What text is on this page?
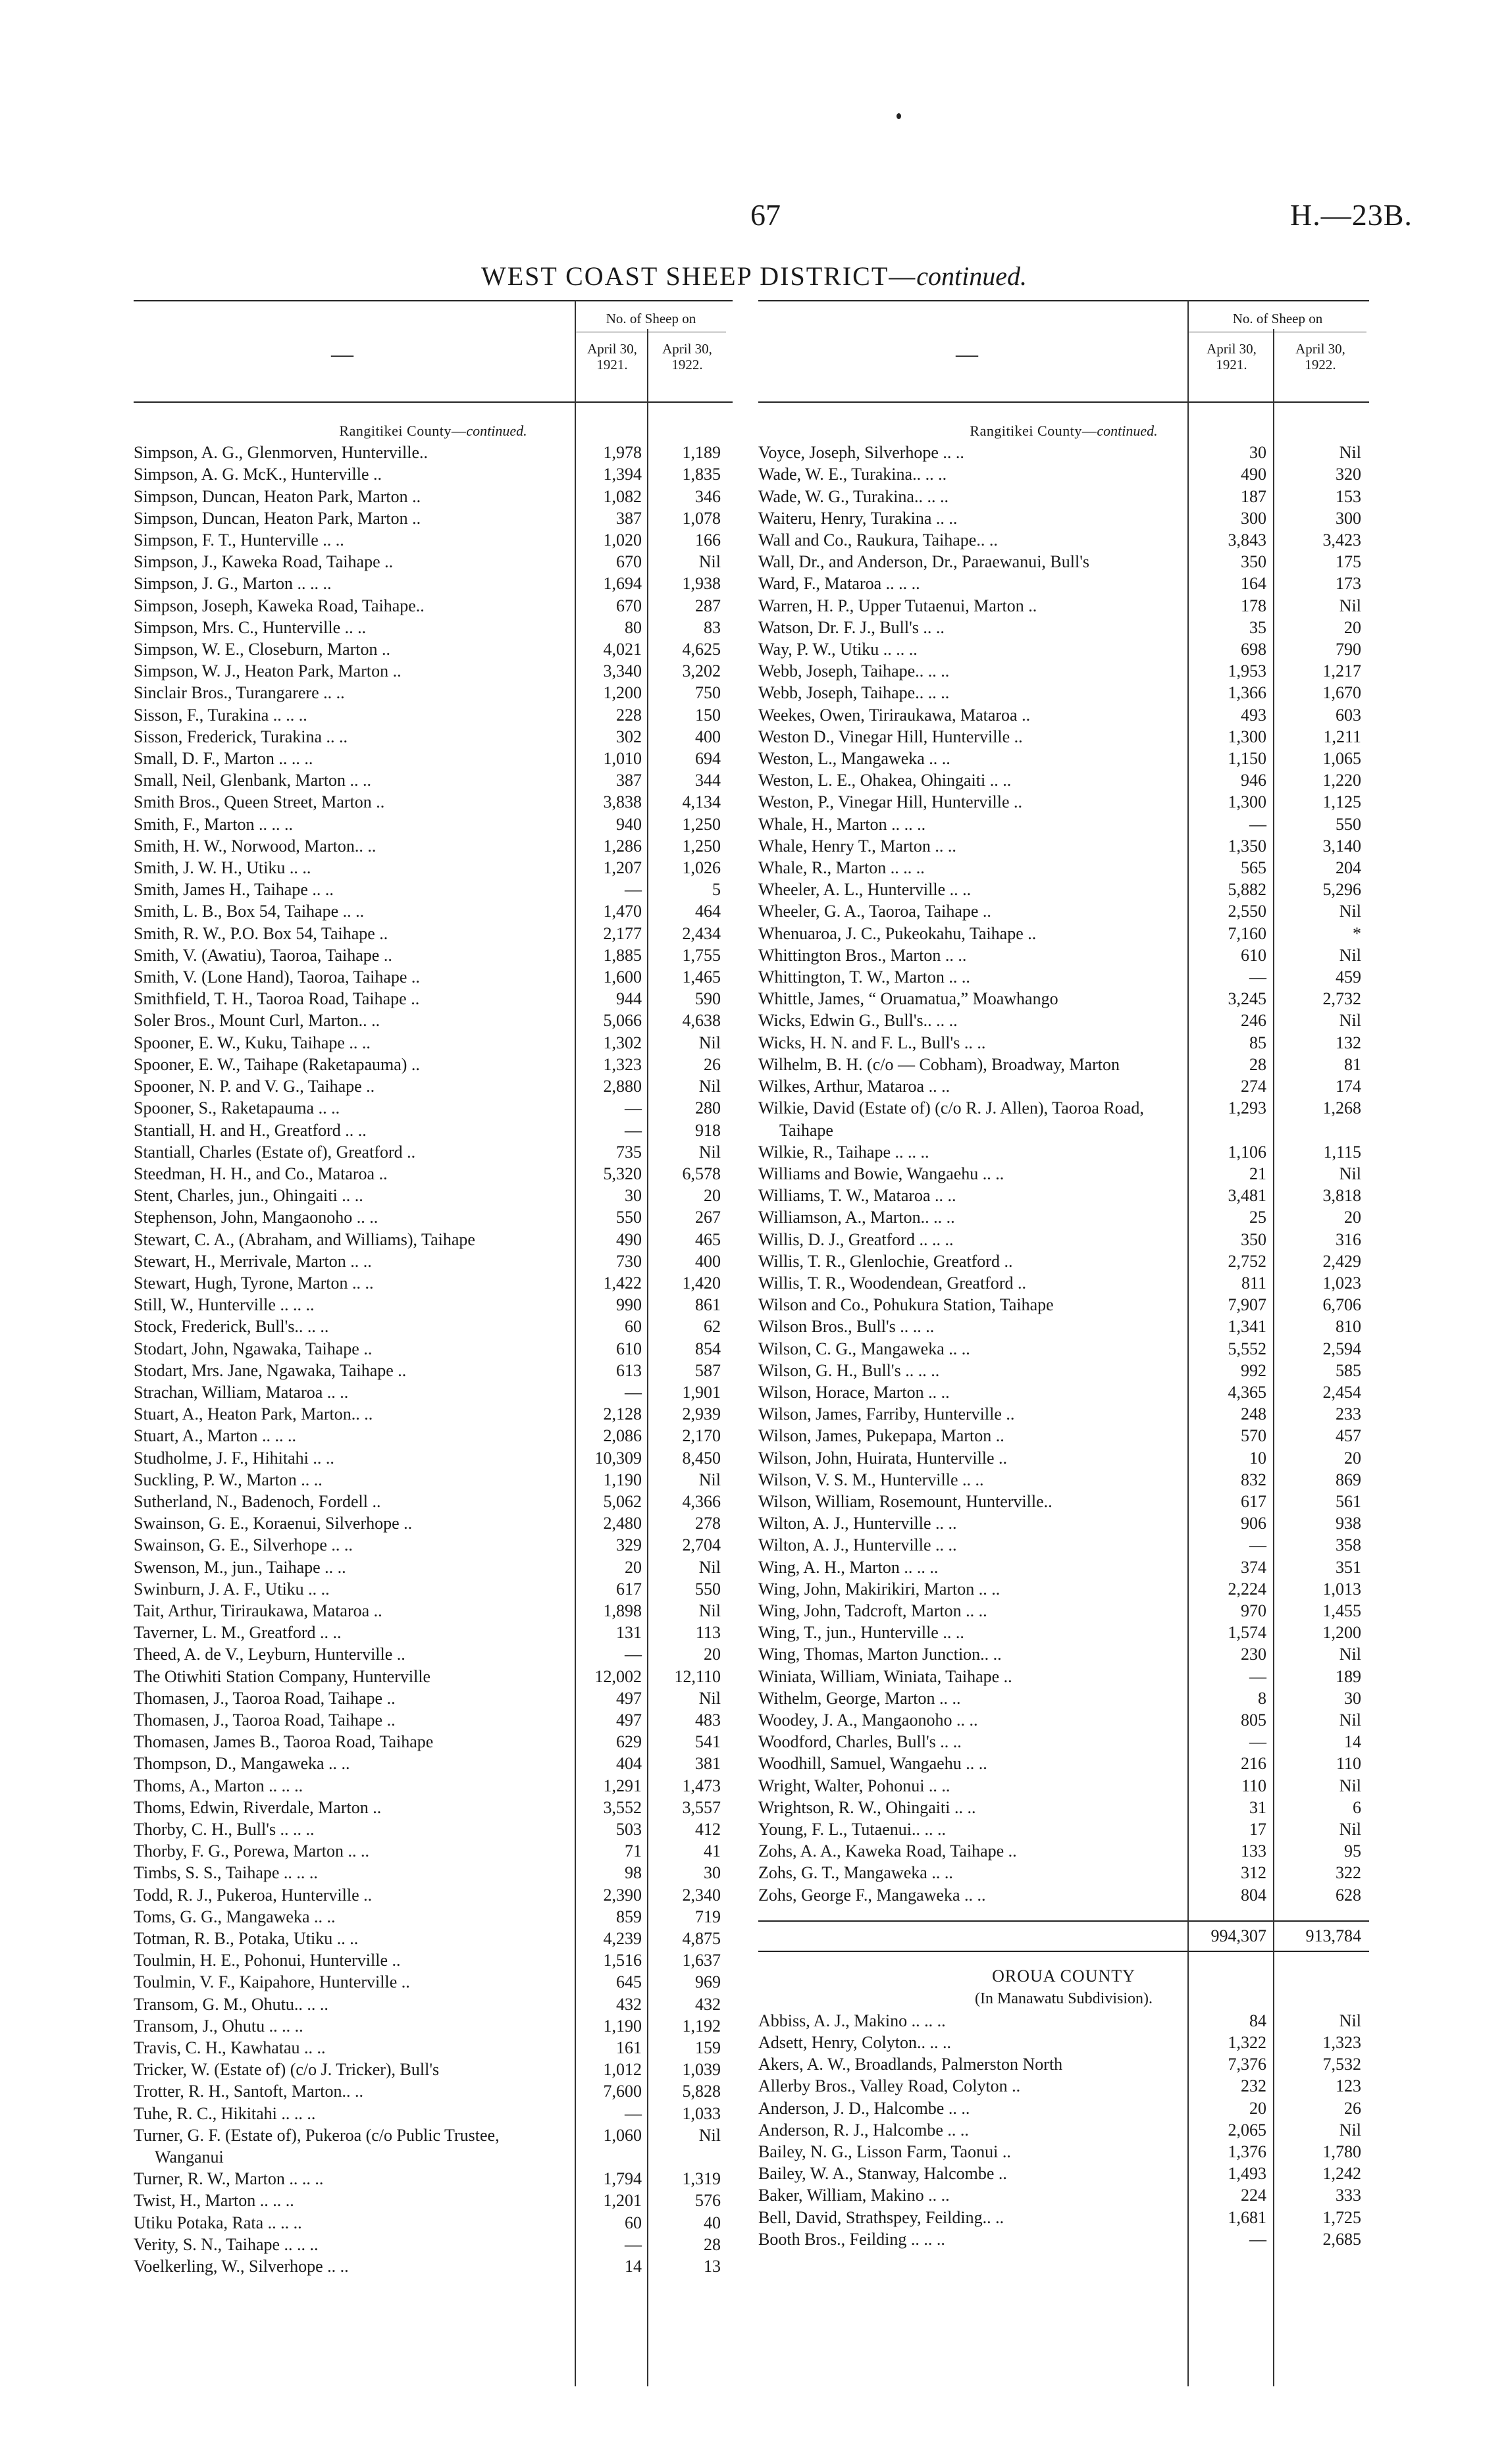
67	H.—23B.
WEST COAST SHEEP DISTRICT—continued.
—
No. of Sheep on
April 30,
1921.
April 30,
1922.
Rangitikei County—continued.
Simpson, A. G., Glenmorven, Hunterville..	1,978	1,189
Simpson, A. G. McK., Hunterville ..	1,394	1,835
Simpson, Duncan, Heaton Park, Marton ..	1,082	346
Simpson, Duncan, Heaton Park, Marton ..	387	1,078
Simpson, F. T., Hunterville .. ..	1,020	166
Simpson, J., Kaweka Road, Taihape ..	670	Nil
Simpson, J. G., Marton .. .. ..	1,694	1,938
Simpson, Joseph, Kaweka Road, Taihape..	670	287
Simpson, Mrs. C., Hunterville .. ..	80	83
Simpson, W. E., Closeburn, Marton ..	4,021	4,625
Simpson, W. J., Heaton Park, Marton ..	3,340	3,202
Sinclair Bros., Turangarere .. ..	1,200	750
Sisson, F., Turakina .. .. ..	228	150
Sisson, Frederick, Turakina .. ..	302	400
Small, D. F., Marton .. .. ..	1,010	694
Small, Neil, Glenbank, Marton .. ..	387	344
Smith Bros., Queen Street, Marton ..	3,838	4,134
Smith, F., Marton .. .. ..	940	1,250
Smith, H. W., Norwood, Marton.. ..	1,286	1,250
Smith, J. W. H., Utiku .. ..	1,207	1,026
Smith, James H., Taihape .. ..	—	5
Smith, L. B., Box 54, Taihape .. ..	1,470	464
Smith, R. W., P.O. Box 54, Taihape ..	2,177	2,434
Smith, V. (Awatiu), Taoroa, Taihape ..	1,885	1,755
Smith, V. (Lone Hand), Taoroa, Taihape ..	1,600	1,465
Smithfield, T. H., Taoroa Road, Taihape ..	944	590
Soler Bros., Mount Curl, Marton.. ..	5,066	4,638
Spooner, E. W., Kuku, Taihape .. ..	1,302	Nil
Spooner, E. W., Taihape (Raketapauma) ..	1,323	26
Spooner, N. P. and V. G., Taihape ..	2,880	Nil
Spooner, S., Raketapauma .. ..	—	280
Stantiall, H. and H., Greatford .. ..	—	918
Stantiall, Charles (Estate of), Greatford ..	735	Nil
Steedman, H. H., and Co., Mataroa ..	5,320	6,578
Stent, Charles, jun., Ohingaiti .. ..	30	20
Stephenson, John, Mangaonoho .. ..	550	267
Stewart, C. A., (Abraham, and Williams), Taihape	490	465
Stewart, H., Merrivale, Marton .. ..	730	400
Stewart, Hugh, Tyrone, Marton .. ..	1,422	1,420
Still, W., Hunterville .. .. ..	990	861
Stock, Frederick, Bull's.. .. ..	60	62
Stodart, John, Ngawaka, Taihape ..	610	854
Stodart, Mrs. Jane, Ngawaka, Taihape ..	613	587
Strachan, William, Mataroa .. ..	—	1,901
Stuart, A., Heaton Park, Marton.. ..	2,128	2,939
Stuart, A., Marton .. .. ..	2,086	2,170
Studholme, J. F., Hihitahi .. ..	10,309	8,450
Suckling, P. W., Marton .. ..	1,190	Nil
Sutherland, N., Badenoch, Fordell ..	5,062	4,366
Swainson, G. E., Koraenui, Silverhope ..	2,480	278
Swainson, G. E., Silverhope .. ..	329	2,704
Swenson, M., jun., Taihape .. ..	20	Nil
Swinburn, J. A. F., Utiku .. ..	617	550
Tait, Arthur, Tiriraukawa, Mataroa ..	1,898	Nil
Taverner, L. M., Greatford .. ..	131	113
Theed, A. de V., Leyburn, Hunterville ..	—	20
The Otiwhiti Station Company, Hunterville	12,002	12,110
Thomasen, J., Taoroa Road, Taihape ..	497	Nil
Thomasen, J., Taoroa Road, Taihape ..	497	483
Thomasen, James B., Taoroa Road, Taihape	629	541
Thompson, D., Mangaweka .. ..	404	381
Thoms, A., Marton .. .. ..	1,291	1,473
Thoms, Edwin, Riverdale, Marton ..	3,552	3,557
Thorby, C. H., Bull's .. .. ..	503	412
Thorby, F. G., Porewa, Marton .. ..	71	41
Timbs, S. S., Taihape .. .. ..	98	30
Todd, R. J., Pukeroa, Hunterville ..	2,390	2,340
Toms, G. G., Mangaweka .. ..	859	719
Totman, R. B., Potaka, Utiku .. ..	4,239	4,875
Toulmin, H. E., Pohonui, Hunterville ..	1,516	1,637
Toulmin, V. F., Kaipahore, Hunterville ..	645	969
Transom, G. M., Ohutu.. .. ..	432	432
Transom, J., Ohutu .. .. ..	1,190	1,192
Travis, C. H., Kawhatau .. ..	161	159
Tricker, W. (Estate of) (c/o J. Tricker), Bull's	1,012	1,039
Trotter, R. H., Santoft, Marton.. ..	7,600	5,828
Tuhe, R. C., Hikitahi .. .. ..	—	1,033
Turner, G. F. (Estate of), Pukeroa (c/o Public Trustee, Wanganui
1,060	Nil
Turner, R. W., Marton .. .. ..	1,794	1,319
Twist, H., Marton .. .. ..	1,201	576
Utiku Potaka, Rata .. .. ..	60	40
Verity, S. N., Taihape .. .. ..	—	28
Voelkerling, W., Silverhope .. ..	14	13
—
No. of Sheep on
April 30,
1921.
April 30,
1922.
Rangitikei County—continued.
Voyce, Joseph, Silverhope .. ..	30	Nil
Wade, W. E., Turakina.. .. ..	490	320
Wade, W. G., Turakina.. .. ..	187	153
Waiteru, Henry, Turakina .. ..	300	300
Wall and Co., Raukura, Taihape.. ..	3,843	3,423
Wall, Dr., and Anderson, Dr., Paraewanui, Bull's	350	175
Ward, F., Mataroa .. .. ..	164	173
Warren, H. P., Upper Tutaenui, Marton ..	178	Nil
Watson, Dr. F. J., Bull's .. ..	35	20
Way, P. W., Utiku .. .. ..	698	790
Webb, Joseph, Taihape.. .. ..	1,953	1,217
Webb, Joseph, Taihape.. .. ..	1,366	1,670
Weekes, Owen, Tiriraukawa, Mataroa ..	493	603
Weston D., Vinegar Hill, Hunterville ..	1,300	1,211
Weston, L., Mangaweka .. ..	1,150	1,065
Weston, L. E., Ohakea, Ohingaiti .. ..	946	1,220
Weston, P., Vinegar Hill, Hunterville ..	1,300	1,125
Whale, H., Marton .. .. ..	—	550
Whale, Henry T., Marton .. ..	1,350	3,140
Whale, R., Marton .. .. ..	565	204
Wheeler, A. L., Hunterville .. ..	5,882	5,296
Wheeler, G. A., Taoroa, Taihape ..	2,550	Nil
Whenuaroa, J. C., Pukeokahu, Taihape ..	7,160	*
Whittington Bros., Marton .. ..	610	Nil
Whittington, T. W., Marton .. ..	—	459
Whittle, James, “ Oruamatua,” Moawhango	3,245	2,732
Wicks, Edwin G., Bull's.. .. ..	246	Nil
Wicks, H. N. and F. L., Bull's .. ..	85	132
Wilhelm, B. H. (c/o — Cobham), Broadway, Marton	28	81
Wilkes, Arthur, Mataroa .. ..	274	174
Wilkie, David (Estate of) (c/o R. J. Allen), Taoroa Road, Taihape
1,293	1,268
Wilkie, R., Taihape .. .. ..	1,106	1,115
Williams and Bowie, Wangaehu .. ..	21	Nil
Williams, T. W., Mataroa .. ..	3,481	3,818
Williamson, A., Marton.. .. ..	25	20
Willis, D. J., Greatford .. .. ..	350	316
Willis, T. R., Glenlochie, Greatford ..	2,752	2,429
Willis, T. R., Woodendean, Greatford ..	811	1,023
Wilson and Co., Pohukura Station, Taihape	7,907	6,706
Wilson Bros., Bull's .. .. ..	1,341	810
Wilson, C. G., Mangaweka .. ..	5,552	2,594
Wilson, G. H., Bull's .. .. ..	992	585
Wilson, Horace, Marton .. ..	4,365	2,454
Wilson, James, Farriby, Hunterville ..	248	233
Wilson, James, Pukepapa, Marton ..	570	457
Wilson, John, Huirata, Hunterville ..	10	20
Wilson, V. S. M., Hunterville .. ..	832	869
Wilson, William, Rosemount, Hunterville..	617	561
Wilton, A. J., Hunterville .. ..	906	938
Wilton, A. J., Hunterville .. ..	—	358
Wing, A. H., Marton .. .. ..	374	351
Wing, John, Makirikiri, Marton .. ..	2,224	1,013
Wing, John, Tadcroft, Marton .. ..	970	1,455
Wing, T., jun., Hunterville .. ..	1,574	1,200
Wing, Thomas, Marton Junction.. ..	230	Nil
Winiata, William, Winiata, Taihape ..	—	189
Withelm, George, Marton .. ..	8	30
Woodey, J. A., Mangaonoho .. ..	805	Nil
Woodford, Charles, Bull's .. ..	—	14
Woodhill, Samuel, Wangaehu .. ..	216	110
Wright, Walter, Pohonui .. ..	110	Nil
Wrightson, R. W., Ohingaiti .. ..	31	6
Young, F. L., Tutaenui.. .. ..	17	Nil
Zohs, A. A., Kaweka Road, Taihape ..	133	95
Zohs, G. T., Mangaweka .. ..	312	322
Zohs, George F., Mangaweka .. ..	804	628
994,307	913,784
OROUA COUNTY
(In Manawatu Subdivision).
Abbiss, A. J., Makino .. .. ..	84	Nil
Adsett, Henry, Colyton.. .. ..	1,322	1,323
Akers, A. W., Broadlands, Palmerston North	7,376	7,532
Allerby Bros., Valley Road, Colyton ..	232	123
Anderson, J. D., Halcombe .. ..	20	26
Anderson, R. J., Halcombe .. ..	2,065	Nil
Bailey, N. G., Lisson Farm, Taonui ..	1,376	1,780
Bailey, W. A., Stanway, Halcombe ..	1,493	1,242
Baker, William, Makino .. ..	224	333
Bell, David, Strathspey, Feilding.. ..	1,681	1,725
Booth Bros., Feilding .. .. ..	—	2,685
